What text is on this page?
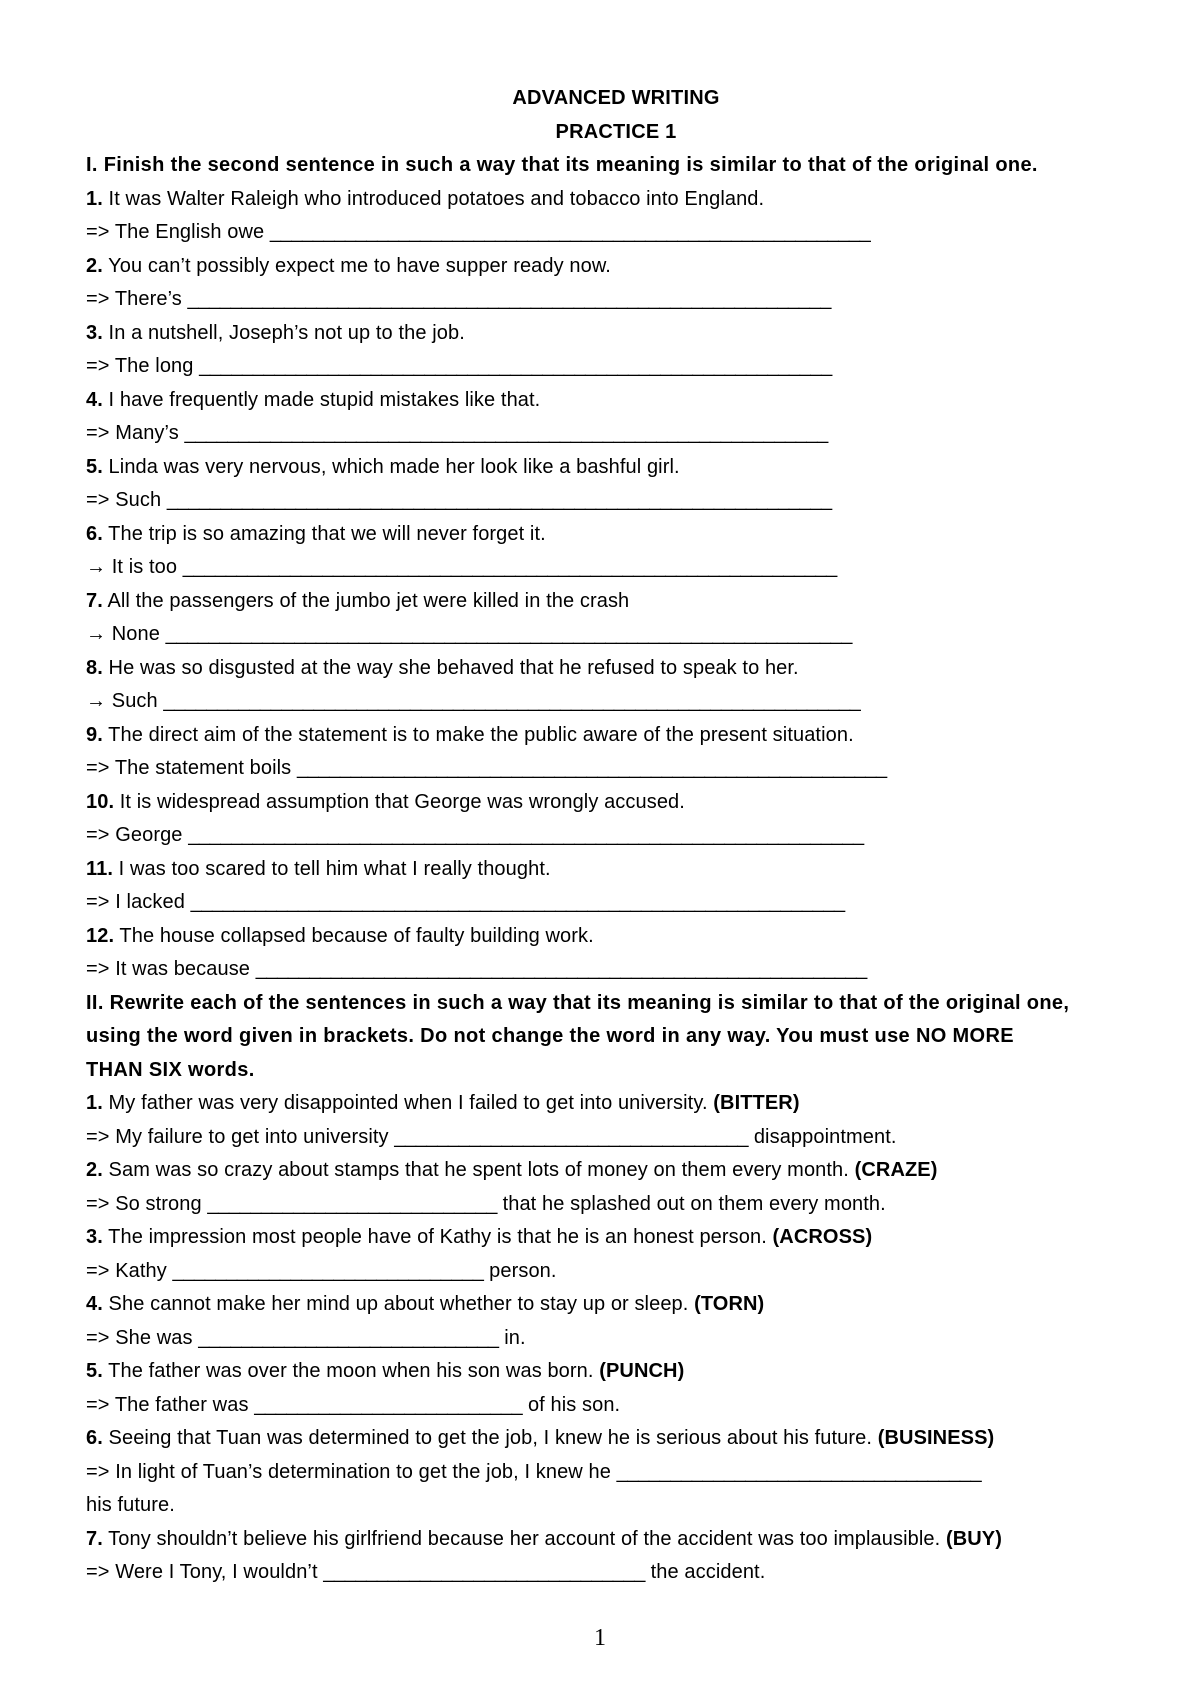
ADVANCED WRITING
PRACTICE 1
I. Finish the second sentence in such a way that its meaning is similar to that of the original one.
1. It was Walter Raleigh who introduced potatoes and tobacco into England.
=> The English owe ________________________________________________________
2. You can’t possibly expect me to have supper ready now.
=> There’s ____________________________________________________________
3. In a nutshell, Joseph’s not up to the job.
=> The long ___________________________________________________________
4. I have frequently made stupid mistakes like that.
=> Many’s ____________________________________________________________
5. Linda was very nervous, which made her look like a bashful girl.
=> Such ______________________________________________________________
6. The trip is so amazing that we will never forget it.
→ It is too _____________________________________________________________
7. All the passengers of the jumbo jet were killed in the crash
→ None ________________________________________________________________
8. He was so disgusted at the way she behaved that he refused to speak to her.
→ Such _________________________________________________________________
9. The direct aim of the statement is to make the public aware of the present situation.
=> The statement boils _______________________________________________________
10. It is widespread assumption that George was wrongly accused.
=> George _______________________________________________________________
11. I was too scared to tell him what I really thought.
=> I lacked _____________________________________________________________
12. The house collapsed because of faulty building work.
=> It was because _________________________________________________________
II. Rewrite each of the sentences in such a way that its meaning is similar to that of the original one,
using the word given in brackets. Do not change the word in any way. You must use NO MORE
THAN SIX words.
1. My father was very disappointed when I failed to get into university. (BITTER)
=> My failure to get into university _________________________________ disappointment.
2. Sam was so crazy about stamps that he spent lots of money on them every month. (CRAZE)
=> So strong ___________________________ that he splashed out on them every month.
3. The impression most people have of Kathy is that he is an honest person. (ACROSS)
=> Kathy _____________________________ person.
4. She cannot make her mind up about whether to stay up or sleep. (TORN)
=> She was ____________________________ in.
5. The father was over the moon when his son was born. (PUNCH)
=> The father was _________________________ of his son.
6. Seeing that Tuan was determined to get the job, I knew he is serious about his future. (BUSINESS)
=> In light of Tuan’s determination to get the job, I knew he __________________________________
his future.
7. Tony shouldn’t believe his girlfriend because her account of the accident was too implausible. (BUY)
=> Were I Tony, I wouldn’t ______________________________ the accident.
1
